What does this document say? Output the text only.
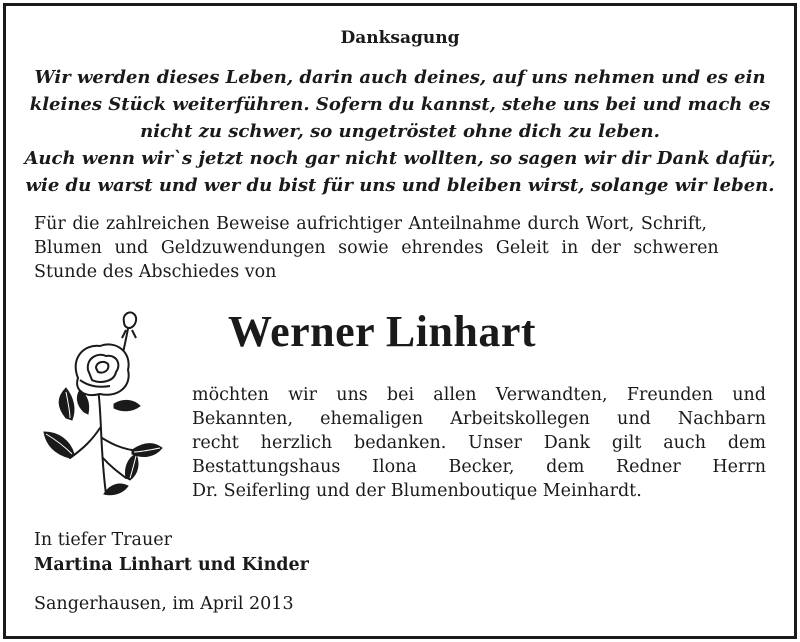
Danksagung
Wir werden dieses Leben, darin auch deines, auf uns nehmen und es ein
kleines Stück weiterführen. Sofern du kannst, stehe uns bei und mach es
nicht zu schwer, so ungetröstet ohne dich zu leben.
Auch wenn wir`s jetzt noch gar nicht wollten, so sagen wir dir Dank dafür,
wie du warst und wer du bist für uns und bleiben wirst, solange wir leben.
Für die zahlreichen Beweise aufrichtiger Anteilnahme durch Wort, Schrift,
Blumen und Geldzuwendungen sowie ehrendes Geleit in der schweren
Stunde des Abschiedes von
Werner Linhart
möchten wir uns bei allen Verwandten, Freunden und
Bekannten, ehemaligen Arbeitskollegen und Nachbarn
recht herzlich bedanken. Unser Dank gilt auch dem
Bestattungshaus Ilona Becker, dem Redner Herrn
Dr. Seiferling und der Blumenboutique Meinhardt.
In tiefer Trauer
Martina Linhart und Kinder
Sangerhausen, im April 2013
